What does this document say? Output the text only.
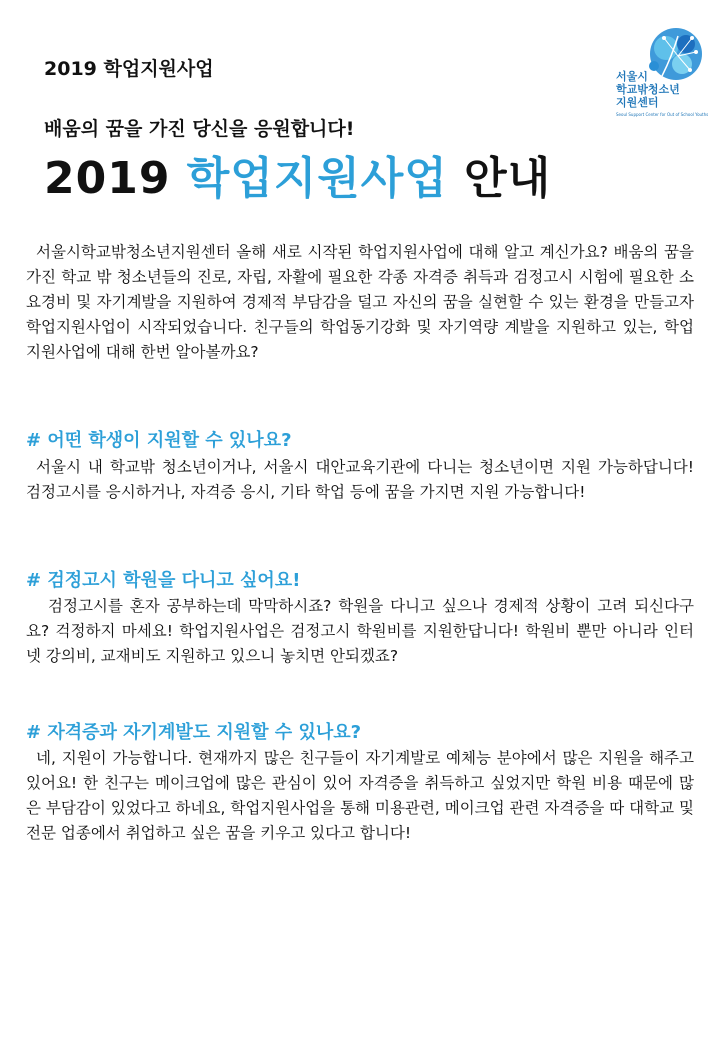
2019 학업지원사업	서울시
학교밖청소년
지원센터
Seoul Support Center for Out of School Youths
배움의 꿈을 가진 당신을 응원합니다!
2019 학업지원사업 안내

서울시학교밖청소년지원센터 올해 새로 시작된 학업지원사업에 대해 알고 계신가요? 배움의 꿈을 가진 학교 밖 청소년들의 진로, 자립, 자활에 필요한 각종 자격증 취득과 검정고시 시험에 필요한 소요경비 및 자기계발을 지원하여 경제적 부담감을 덜고 자신의 꿈을 실현할 수 있는 환경을 만들고자 학업지원사업이 시작되었습니다. 친구들의 학업동기강화 및 자기역량 계발을 지원하고 있는, 학업지원사업에 대해 한번 알아볼까요?

# 어떤 학생이 지원할 수 있나요?

서울시 내 학교밖 청소년이거나, 서울시 대안교육기관에 다니는 청소년이면 지원 가능하답니다! 검정고시를 응시하거나, 자격증 응시, 기타 학업 등에 꿈을 가지면 지원 가능합니다!

# 검정고시 학원을 다니고 싶어요!

검정고시를 혼자 공부하는데 막막하시죠? 학원을 다니고 싶으나 경제적 상황이 고려 되신다구요? 걱정하지 마세요! 학업지원사업은 검정고시 학원비를 지원한답니다! 학원비 뿐만 아니라 인터넷 강의비, 교재비도 지원하고 있으니 놓치면 안되겠죠?

# 자격증과 자기계발도 지원할 수 있나요?

네, 지원이 가능합니다. 현재까지 많은 친구들이 자기계발로 예체능 분야에서 많은 지원을 해주고 있어요! 한 친구는 메이크업에 많은 관심이 있어 자격증을 취득하고 싶었지만 학원 비용 때문에 많은 부담감이 있었다고 하네요, 학업지원사업을 통해 미용관련, 메이크업 관련 자격증을 따 대학교 및 전문 업종에서 취업하고 싶은 꿈을 키우고 있다고 합니다!
